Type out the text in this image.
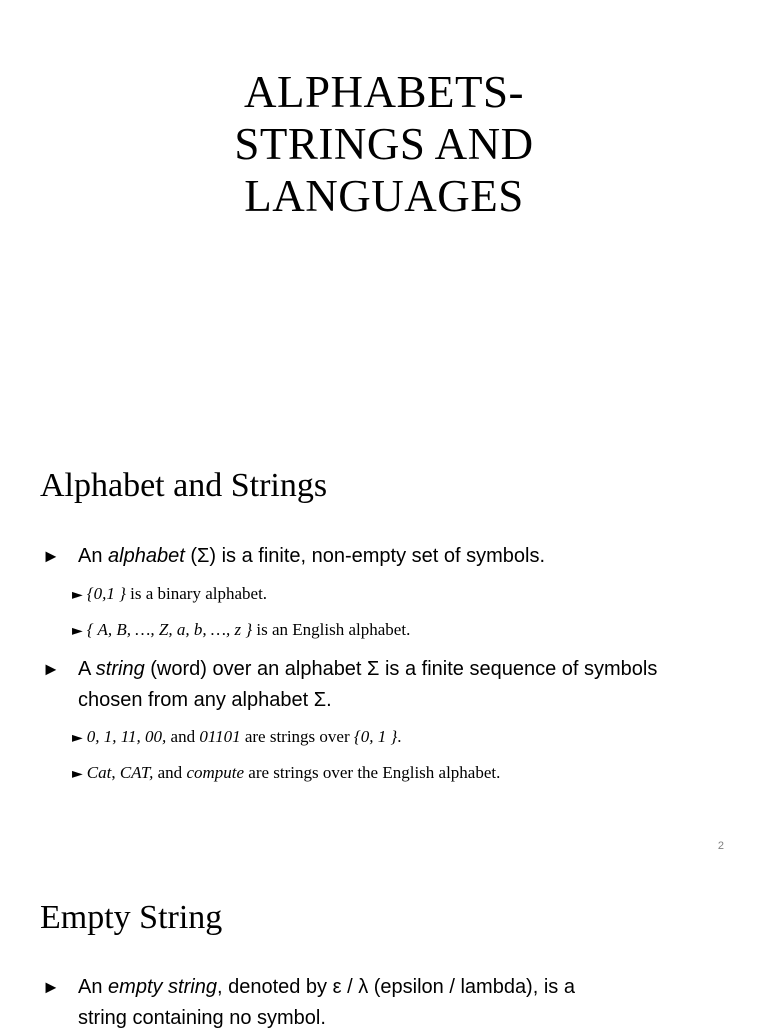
ALPHABETS-
STRINGS AND
LANGUAGES
Alphabet and Strings
► An alphabet (Σ) is a finite, non-empty set of symbols.
► {0,1 } is a binary alphabet.
► { A, B, …, Z, a, b, …, z } is an English alphabet.
► A string (word) over an alphabet Σ is a finite sequence of symbols
chosen from any alphabet Σ.
► 0, 1, 11, 00, and 01101 are strings over {0, 1 }.
► Cat, CAT, and compute are strings over the English alphabet.
2
Empty String
► An empty string, denoted by ε / λ (epsilon / lambda), is a
string containing no symbol.
